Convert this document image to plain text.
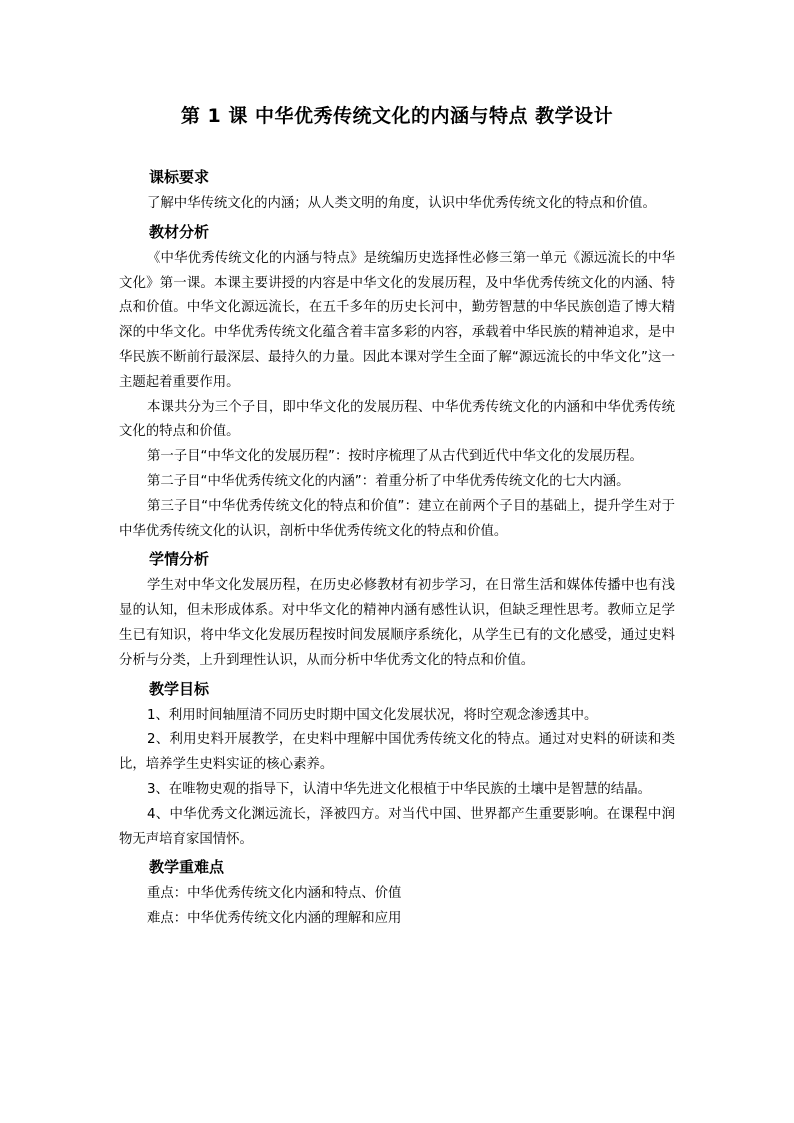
第 1 课 中华优秀传统文化的内涵与特点 教学设计
课标要求

了解中华传统文化的内涵；从人类文明的角度，认识中华优秀传统文化的特点和价值。

教材分析

《中华优秀传统文化的内涵与特点》是统编历史选择性必修三第一单元《源远流长的中华文化》第一课。本课主要讲授的内容是中华文化的发展历程，及中华优秀传统文化的内涵、特点和价值。中华文化源远流长，在五千多年的历史长河中，勤劳智慧的中华民族创造了博大精深的中华文化。中华优秀传统文化蕴含着丰富多彩的内容，承载着中华民族的精神追求，是中华民族不断前行最深层、最持久的力量。因此本课对学生全面了解“源远流长的中华文化”这一主题起着重要作用。

本课共分为三个子目，即中华文化的发展历程、中华优秀传统文化的内涵和中华优秀传统文化的特点和价值。

第一子目“中华文化的发展历程”：按时序梳理了从古代到近代中华文化的发展历程。

第二子目“中华优秀传统文化的内涵”：着重分析了中华优秀传统文化的七大内涵。

第三子目“中华优秀传统文化的特点和价值”：建立在前两个子目的基础上，提升学生对于中华优秀传统文化的认识，剖析中华优秀传统文化的特点和价值。

学情分析

学生对中华文化发展历程，在历史必修教材有初步学习，在日常生活和媒体传播中也有浅显的认知，但未形成体系。对中华文化的精神内涵有感性认识，但缺乏理性思考。教师立足学生已有知识，将中华文化发展历程按时间发展顺序系统化，从学生已有的文化感受，通过史料分析与分类，上升到理性认识，从而分析中华优秀文化的特点和价值。

教学目标

1、利用时间轴厘清不同历史时期中国文化发展状况，将时空观念渗透其中。

2、利用史料开展教学，在史料中理解中国优秀传统文化的特点。通过对史料的研读和类比，培养学生史料实证的核心素养。

3、在唯物史观的指导下，认清中华先进文化根植于中华民族的土壤中是智慧的结晶。

4、中华优秀文化渊远流长，泽被四方。对当代中国、世界都产生重要影响。在课程中润物无声培育家国情怀。

教学重难点

重点：中华优秀传统文化内涵和特点、价值

难点：中华优秀传统文化内涵的理解和应用
